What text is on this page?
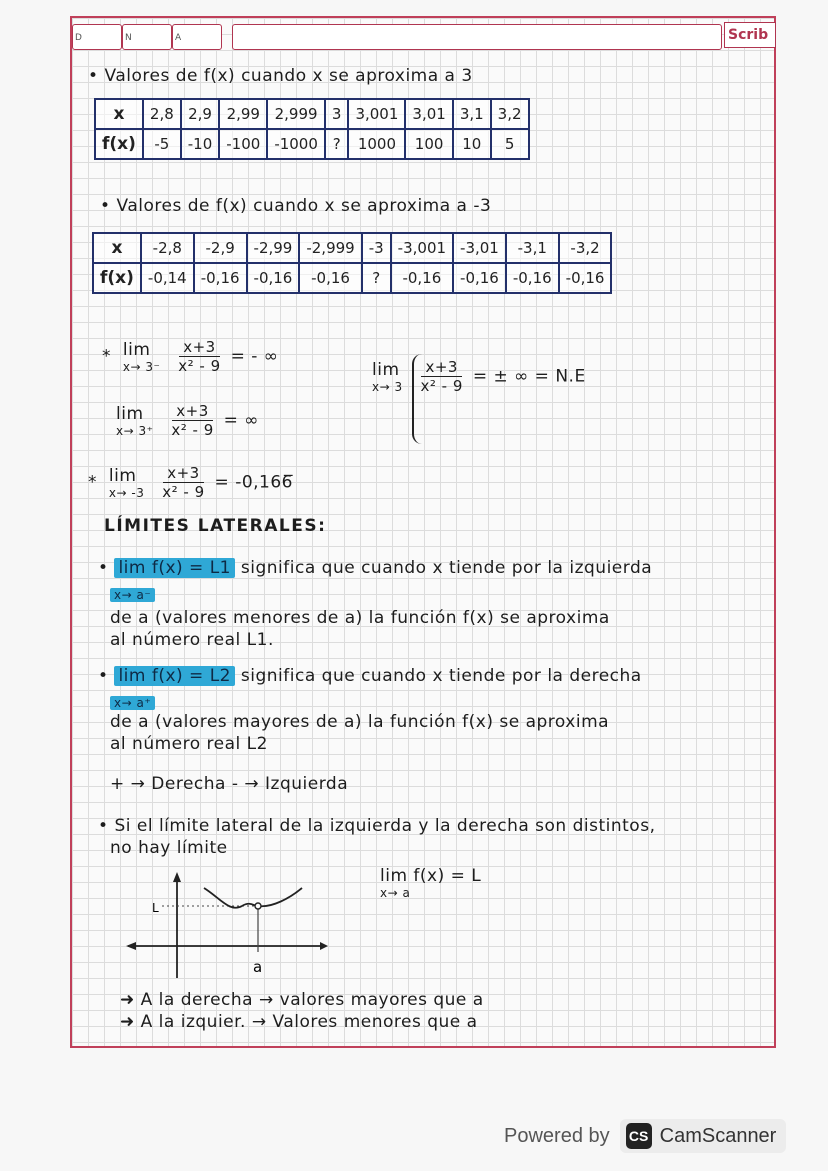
D	N	A	Scrib
• Valores de f(x) cuando x se aproxima a 3
x	2,8	2,9	2,99	2,999	3	3,001	3,01	3,1	3,2
f(x)	-5	-10	-100	-1000	?	1000	100	10	5
• Valores de f(x) cuando x se aproxima a -3
x	-2,8	-2,9	-2,99	-2,999	-3	-3,001	-3,01	-3,1	-3,2
f(x)	-0,14	-0,16	-0,16	-0,16	?	-0,16	-0,16	-0,16	-0,16
* lim
x→ 3⁻
$\frac{x+3}{\text{x² - 9}}$ = - ∞
lim
x→ 3⁺
$\frac{x+3}{\text{x² - 9}}$ = ∞
lim
x→ 3
$\frac{x+3}{\text{x² - 9}}$ = ± ∞ = N.E
* lim
x→ -3
$\frac{x+3}{\text{x² - 9}}$ = -0,166̅
LÍMITES LATERALES:
• lim f(x) = L1 significa que cuando x tiende por la izquierda
x→ a⁻
de a (valores menores de a) la función f(x) se aproxima
al número real L1.
• lim f(x) = L2 significa que cuando x tiende por la derecha
x→ a⁺
de a (valores mayores de a) la función f(x) se aproxima
al número real L2
+ → Derecha - → Izquierda
• Si el límite lateral de la izquierda y la derecha son distintos,
no hay límite
L
a
lim f(x) = L
x→ a
➜ A la derecha → valores mayores que a
➜ A la izquier. → Valores menores que a
Powered by CS CamScanner
